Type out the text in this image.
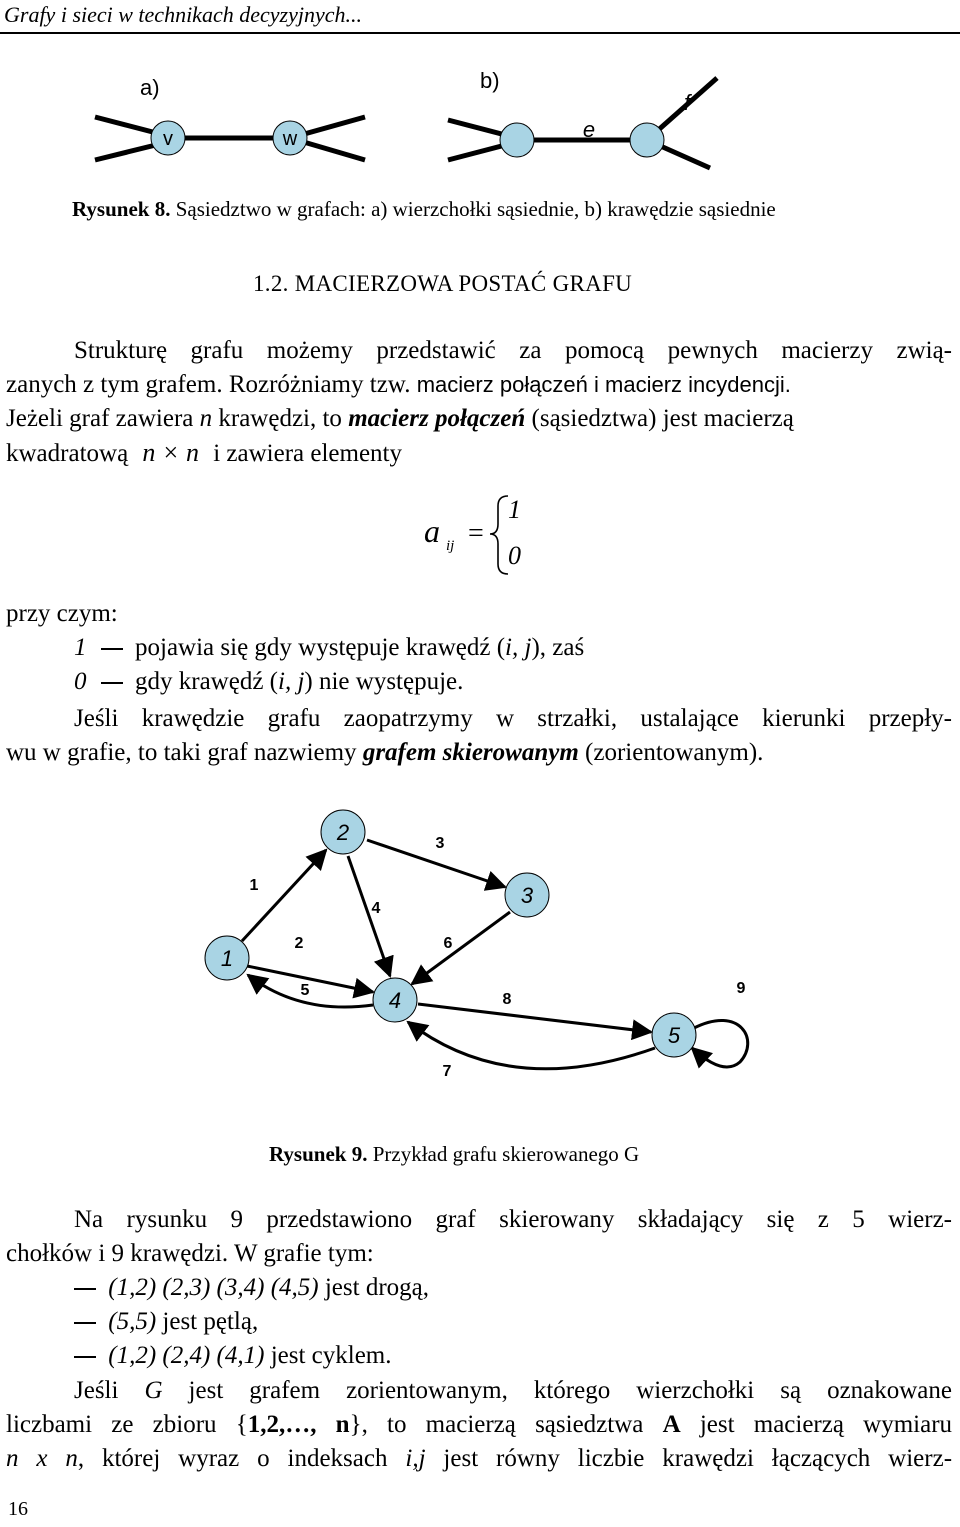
Grafy i sieci w technikach decyzyjnych...
a)
v	w
b)
e
f
Rysunek 8. Sąsiedztwo w grafach: a) wierzchołki sąsiednie, b) krawędzie sąsiednie
1.2. MACIERZOWA POSTAĆ GRAFU
Strukturę grafu możemy przedstawić za pomocą pewnych macierzy zwią-
zanych z tym grafem. Rozróżniamy tzw. macierz połączeń i macierz incydencji.
Jeżeli graf zawiera n krawędzi, to macierz połączeń (sąsiedztwa) jest macierzą
kwadratową n × n i zawiera elementy
a ij =
1
0
przy czym:
1 pojawia się gdy występuje krawędź (i, j), zaś
0 gdy krawędź (i, j) nie występuje.
Jeśli krawędzie grafu zaopatrzymy w strzałki, ustalające kierunki przepły-
wu w grafie, to taki graf nazwiemy grafem skierowanym (zorientowanym).
1
2
3
4
5
1
2
3
4
5
6
7
8
9
Rysunek 9. Przykład grafu skierowanego G
Na rysunku 9 przedstawiono graf skierowany składający się z 5 wierz-
chołków i 9 krawędzi. W grafie tym:
(1,2) (2,3) (3,4) (4,5) jest drogą,
(5,5) jest pętlą,
(1,2) (2,4) (4,1) jest cyklem.
Jeśli G jest grafem zorientowanym, którego wierzchołki są oznakowane
liczbami ze zbioru {1,2,…, n}, to macierzą sąsiedztwa A jest macierzą wymiaru
n x n, której wyraz o indeksach i,j jest równy liczbie krawędzi łączących wierz-
16
